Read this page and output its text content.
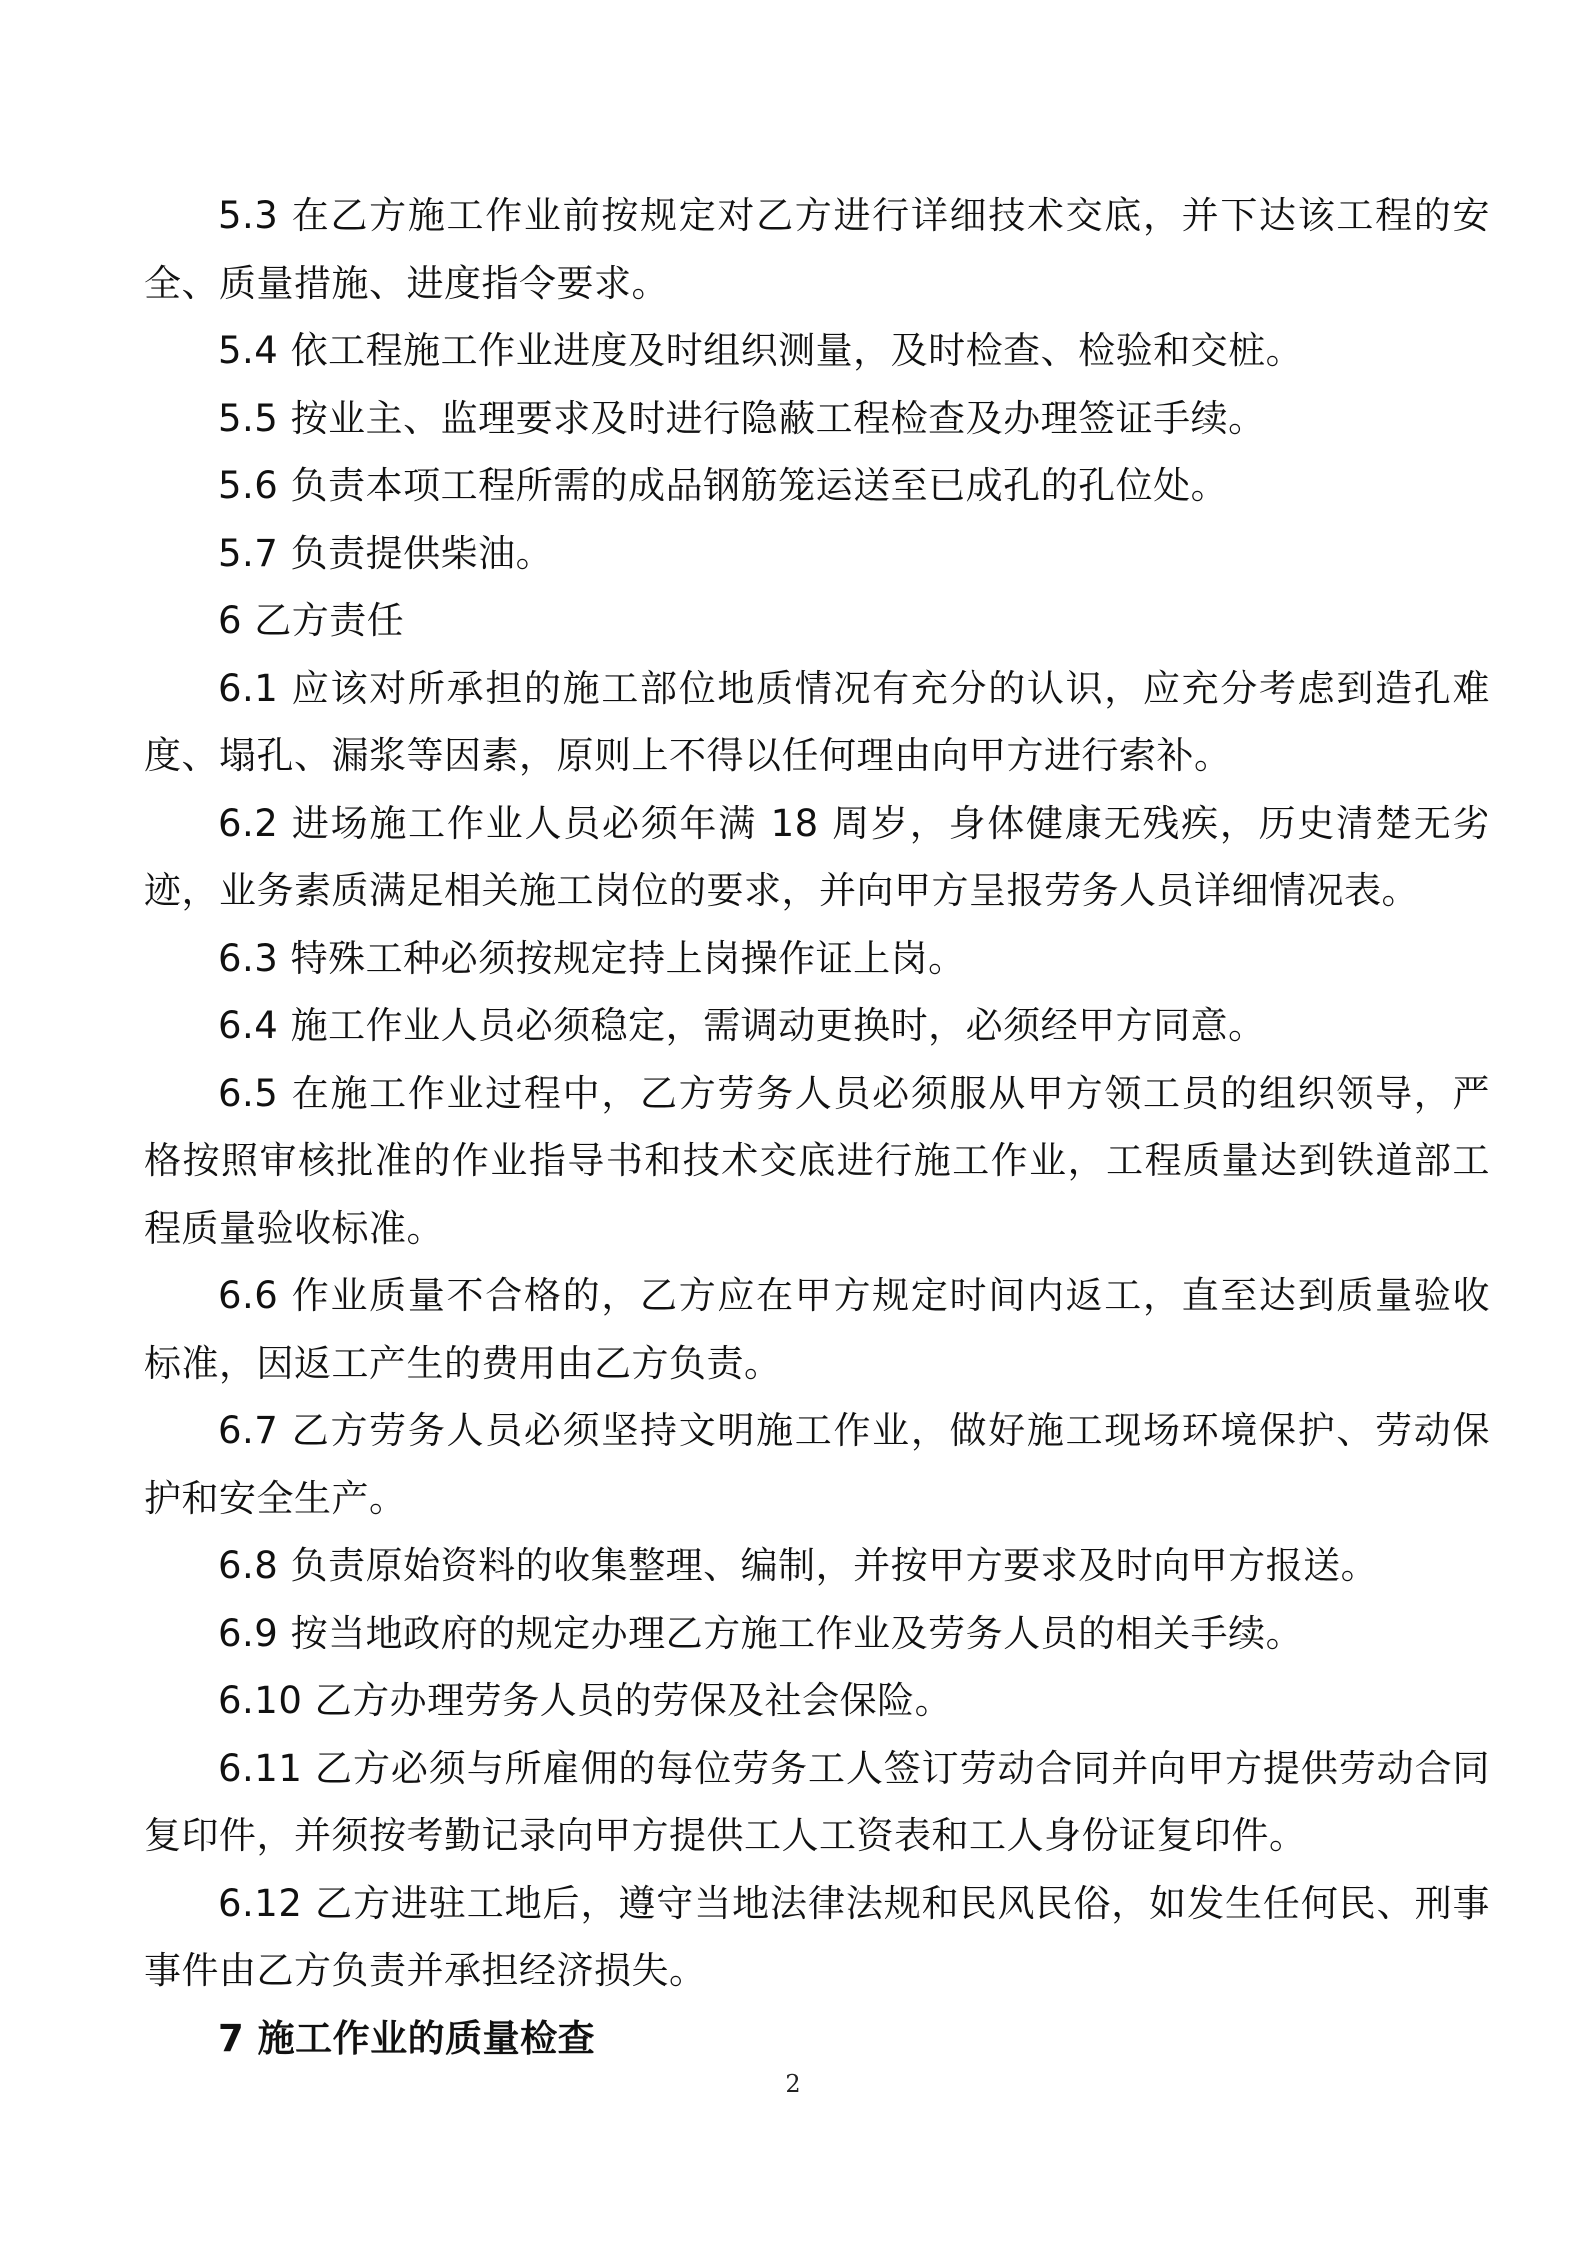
5.3 在乙方施工作业前按规定对乙方进行详细技术交底，并下达该工程的安全、质量措施、进度指令要求。

5.4 依工程施工作业进度及时组织测量，及时检查、检验和交桩。

5.5 按业主、监理要求及时进行隐蔽工程检查及办理签证手续。

5.6 负责本项工程所需的成品钢筋笼运送至已成孔的孔位处。

5.7 负责提供柴油。

6 乙方责任

6.1 应该对所承担的施工部位地质情况有充分的认识，应充分考虑到造孔难度、塌孔、漏浆等因素，原则上不得以任何理由向甲方进行索补。

6.2 进场施工作业人员必须年满 18 周岁，身体健康无残疾，历史清楚无劣迹，业务素质满足相关施工岗位的要求，并向甲方呈报劳务人员详细情况表。

6.3 特殊工种必须按规定持上岗操作证上岗。

6.4 施工作业人员必须稳定，需调动更换时，必须经甲方同意。

6.5 在施工作业过程中，乙方劳务人员必须服从甲方领工员的组织领导，严格按照审核批准的作业指导书和技术交底进行施工作业，工程质量达到铁道部工程质量验收标准。

6.6 作业质量不合格的，乙方应在甲方规定时间内返工，直至达到质量验收标准，因返工产生的费用由乙方负责。

6.7 乙方劳务人员必须坚持文明施工作业，做好施工现场环境保护、劳动保护和安全生产。

6.8 负责原始资料的收集整理、编制，并按甲方要求及时向甲方报送。

6.9 按当地政府的规定办理乙方施工作业及劳务人员的相关手续。

6.10 乙方办理劳务人员的劳保及社会保险。

6.11 乙方必须与所雇佣的每位劳务工人签订劳动合同并向甲方提供劳动合同复印件，并须按考勤记录向甲方提供工人工资表和工人身份证复印件。

6.12 乙方进驻工地后，遵守当地法律法规和民风民俗，如发生任何民、刑事事件由乙方负责并承担经济损失。

7 施工作业的质量检查

2
